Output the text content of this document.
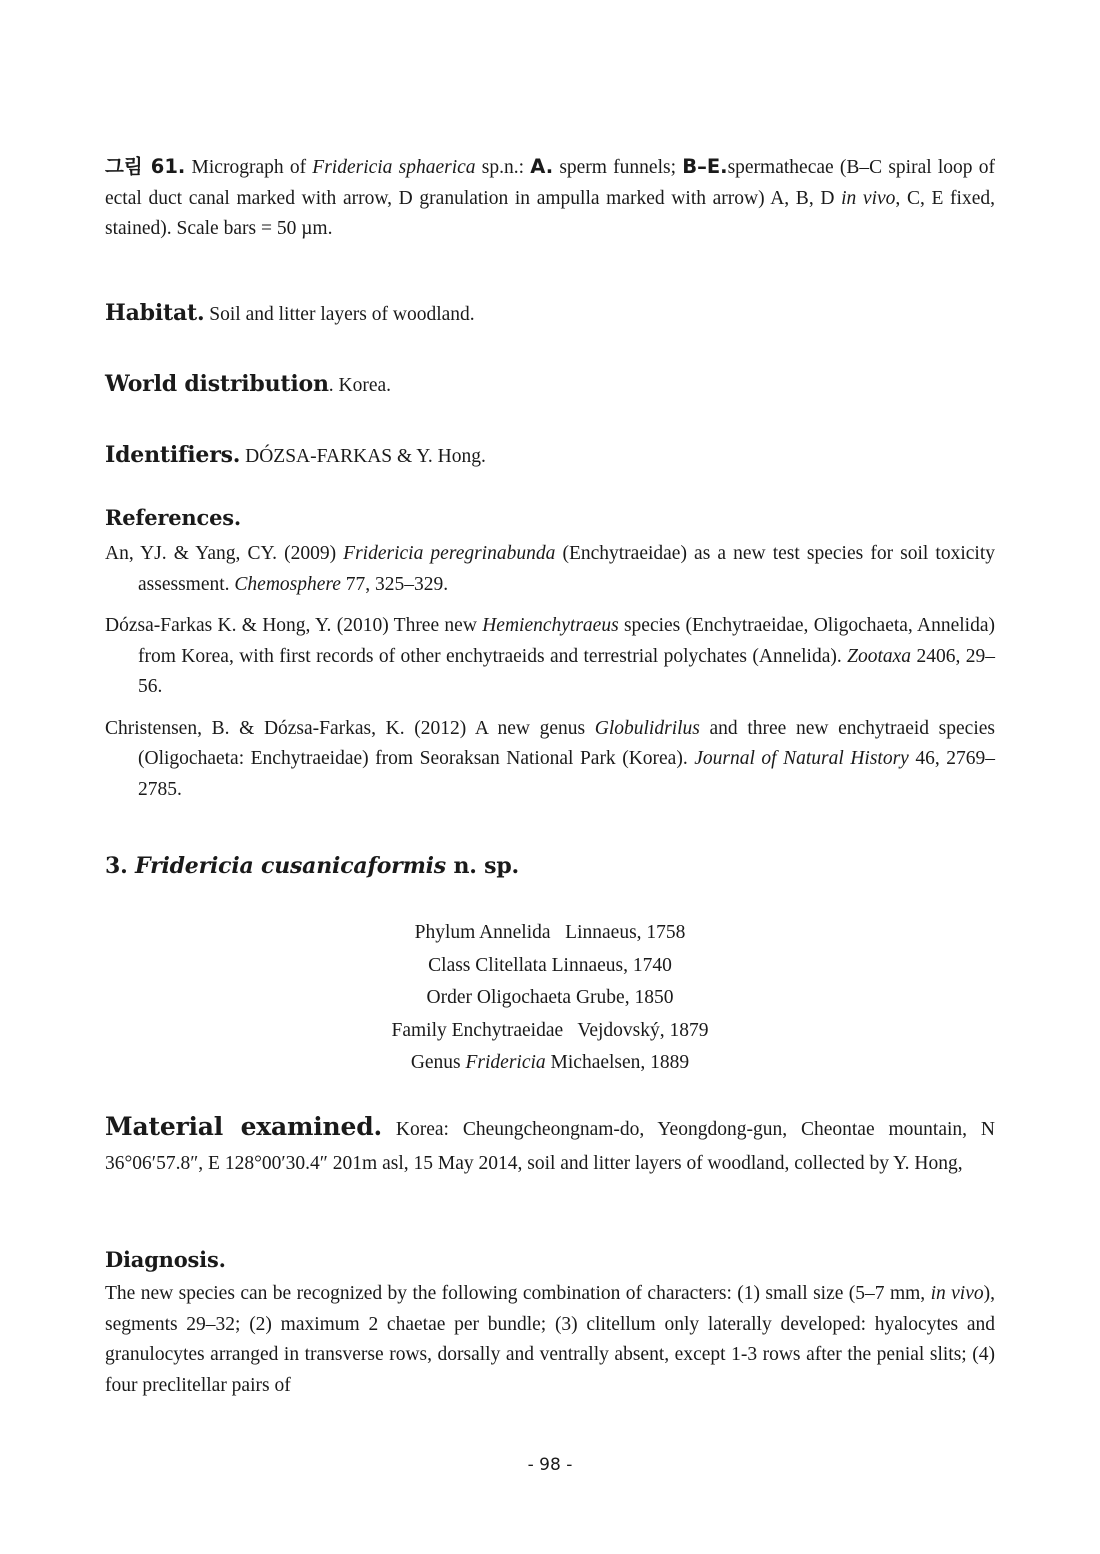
그림 61. Micrograph of Fridericia sphaerica sp.n.: A. sperm funnels; B–E.spermathecae (B–C spiral loop of ectal duct canal marked with arrow, D granulation in ampulla marked with arrow) A, B, D in vivo, C, E fixed, stained). Scale bars = 50 µm.

Habitat. Soil and litter layers of woodland.

World distribution. Korea.

Identifiers. DÓZSA-FARKAS & Y. Hong.

References.

An, YJ. & Yang, CY. (2009) Fridericia peregrinabunda (Enchytraeidae) as a new test species for soil toxicity assessment. Chemosphere 77, 325–329.

Dózsa-Farkas K. & Hong, Y. (2010) Three new Hemienchytraeus species (Enchytraeidae, Oligochaeta, Annelida) from Korea, with first records of other enchytraeids and terrestrial polychates (Annelida). Zootaxa 2406, 29–56.

Christensen, B. & Dózsa-Farkas, K. (2012) A new genus Globulidrilus and three new enchytraeid species (Oligochaeta: Enchytraeidae) from Seoraksan National Park (Korea). Journal of Natural History 46, 2769–2785.

3. Fridericia cusanicaformis n. sp.
Phylum Annelida   Linnaeus, 1758
Class Clitellata Linnaeus, 1740
Order Oligochaeta Grube, 1850
Family Enchytraeidae   Vejdovský, 1879
Genus Fridericia Michaelsen, 1889

Material examined. Korea: Cheungcheongnam-do, Yeongdong-gun, Cheontae mountain, N 36°06′57.8″, E 128°00′30.4″ 201m asl, 15 May 2014, soil and litter layers of woodland, collected by Y. Hong,

Diagnosis.

The new species can be recognized by the following combination of characters: (1) small size (5–7 mm, in vivo), segments 29–32; (2) maximum 2 chaetae per bundle; (3) clitellum only laterally developed: hyalocytes and granulocytes arranged in transverse rows, dorsally and ventrally absent, except 1-3 rows after the penial slits; (4) four preclitellar pairs of

- 98 -
